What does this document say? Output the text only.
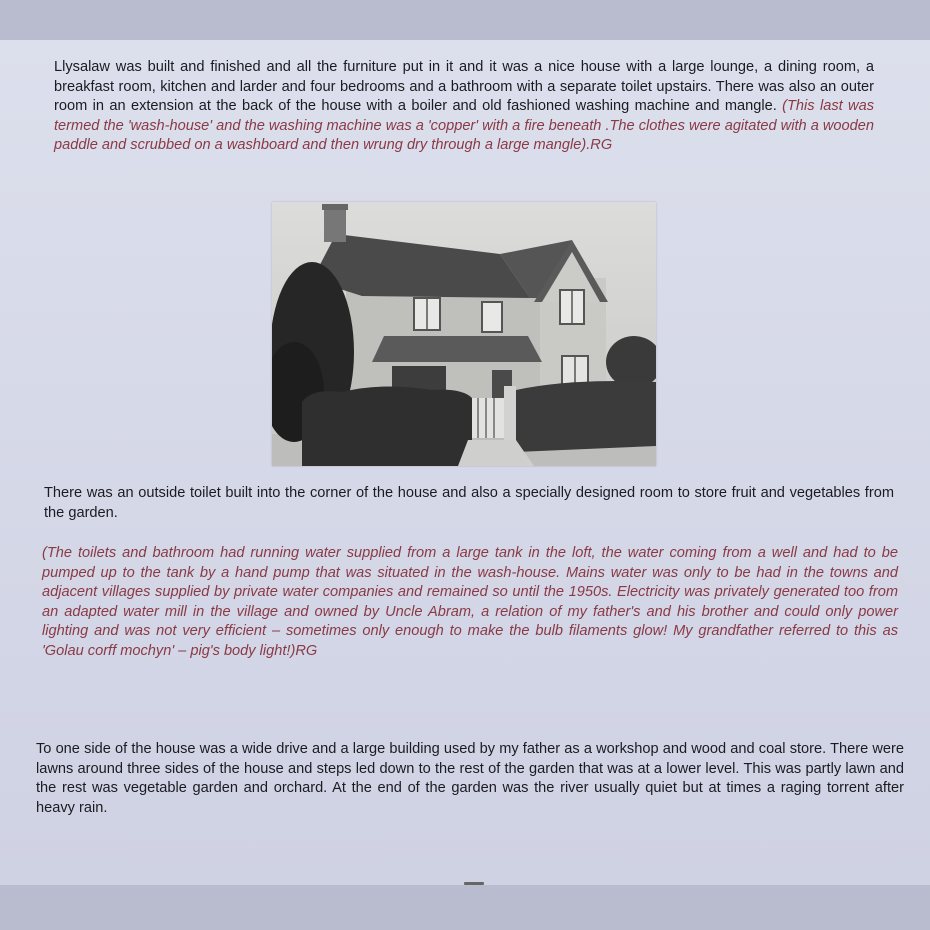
Llysalaw was built and finished and all the furniture put in it and it was a nice house with a large lounge, a dining room, a breakfast room, kitchen and larder and four bedrooms and a bathroom with a separate toilet upstairs. There was also an outer room in an extension at the back of the house with a boiler and old fashioned washing machine and mangle. (This last was termed the 'wash-house' and the washing machine was a 'copper' with a fire beneath .The clothes were agitated with a wooden paddle and scrubbed on a washboard and then wrung dry through a large mangle).RG

There was an outside toilet built into the corner of the house and also a specially designed room to store fruit and vegetables from the garden.

(The toilets and bathroom had running water supplied from a large tank in the loft, the water coming from a well and had to be pumped up to the tank by a hand pump that was situated in the wash-house. Mains water was only to be had in the towns and adjacent villages supplied by private water companies and remained so until the 1950s. Electricity was privately generated too from an adapted water mill in the village and owned by Uncle Abram, a relation of my father's and his brother and could only power lighting and was not very efficient – sometimes only enough to make the bulb filaments glow! My grandfather referred to this as 'Golau corff mochyn' – pig's body light!)RG

To one side of the house was a wide drive and a large building used by my father as a workshop and wood and coal store. There were lawns around three sides of the house and steps led down to the rest of the garden that was at a lower level. This was partly lawn and the rest was vegetable garden and orchard. At the end of the garden was the river usually quiet but at times a raging torrent after heavy rain.
